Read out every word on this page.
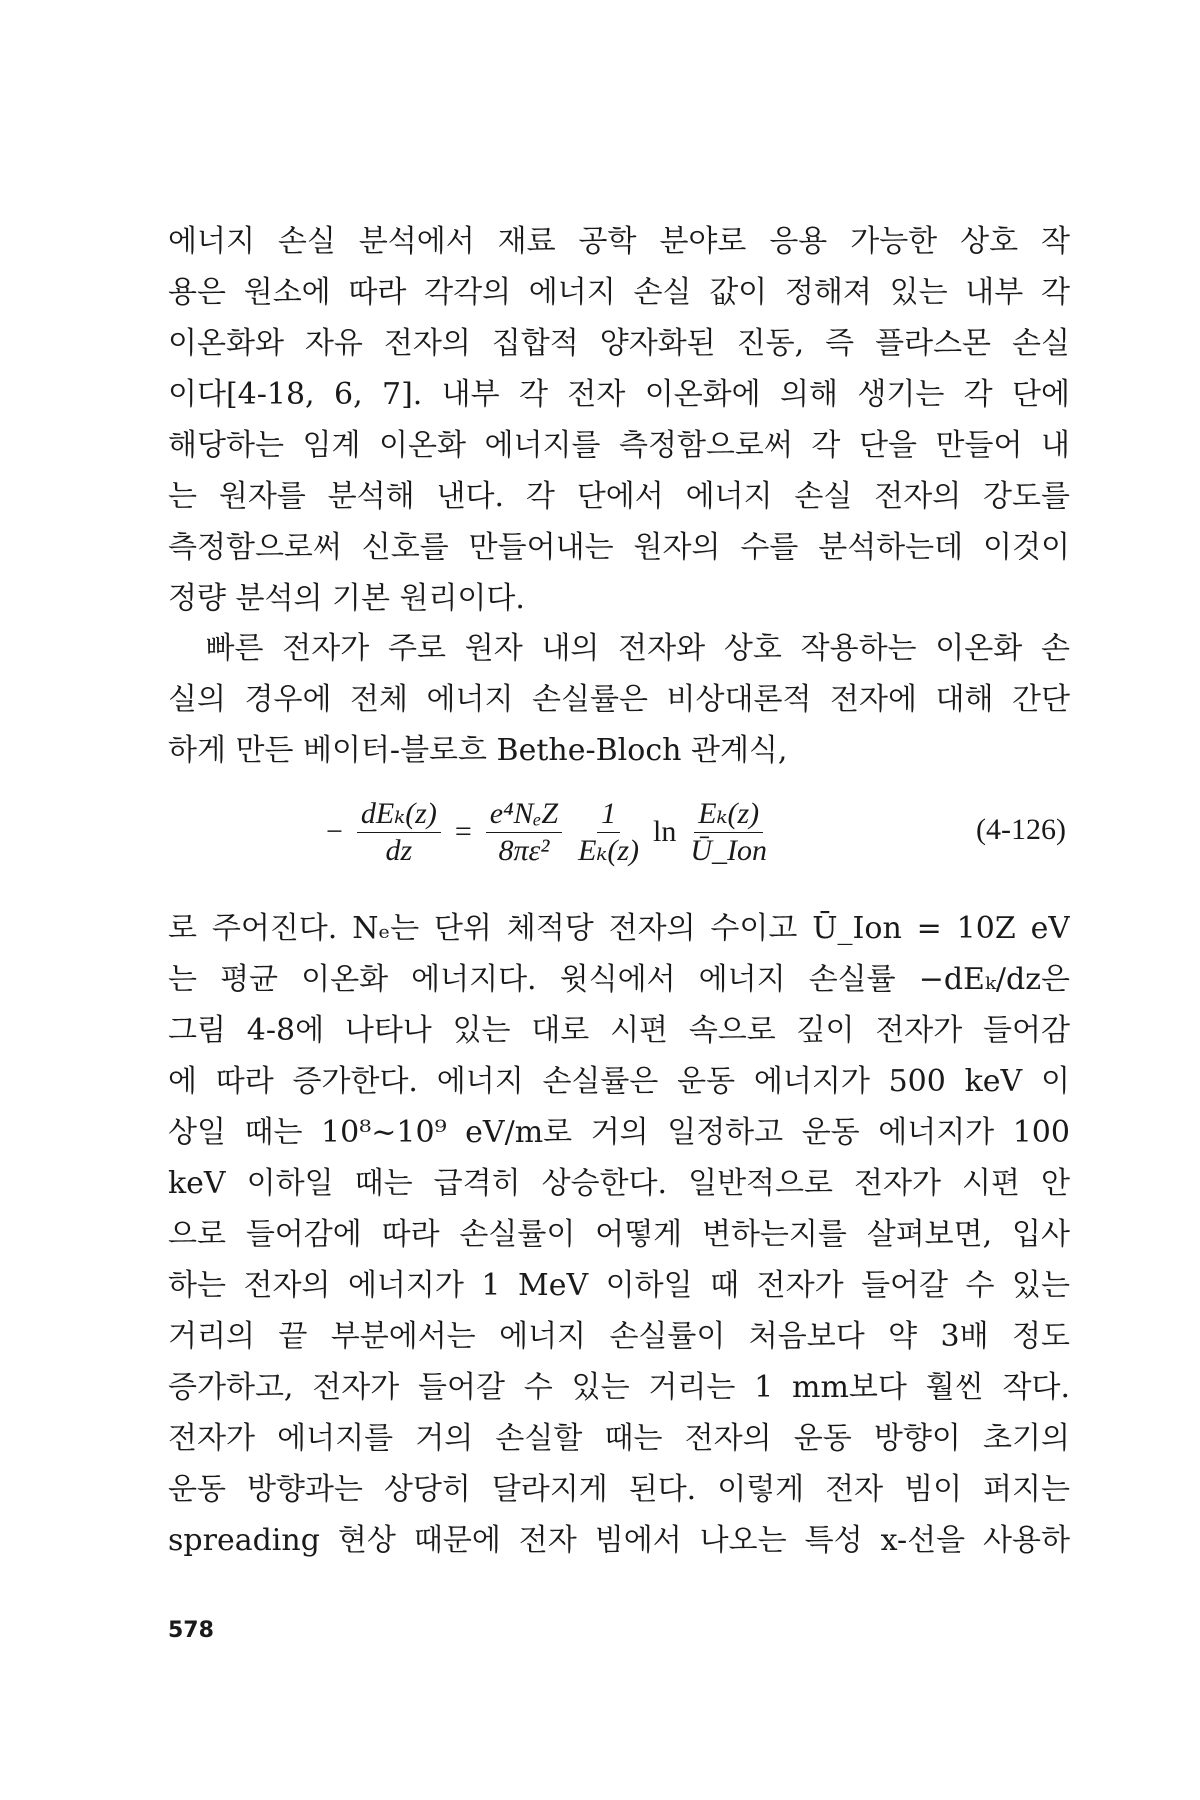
에너지 손실 분석에서 재료 공학 분야로 응용 가능한 상호 작
용은 원소에 따라 각각의 에너지 손실 값이 정해져 있는 내부 각
이온화와 자유 전자의 집합적 양자화된 진동, 즉 플라스몬 손실
이다[4-18, 6, 7]. 내부 각 전자 이온화에 의해 생기는 각 단에
해당하는 임계 이온화 에너지를 측정함으로써 각 단을 만들어 내
는 원자를 분석해 낸다. 각 단에서 에너지 손실 전자의 강도를
측정함으로써 신호를 만들어내는 원자의 수를 분석하는데 이것이
정량 분석의 기본 원리이다.
빠른 전자가 주로 원자 내의 전자와 상호 작용하는 이온화 손
실의 경우에 전체 에너지 손실률은 비상대론적 전자에 대해 간단
하게 만든 베이터-블로흐 Bethe-Bloch 관계식,
− $\frac{\text{dEₖ(z)}}{dz} = \frac{\text{e⁴NₑZ}}{\text{8πε²}} \frac{1}{\text{Eₖ(z)}}$ $\ln \frac{\text{Eₖ(z)}}{\text{Ū\_Ion}}$	(4-126)
로 주어진다. Nₑ는 단위 체적당 전자의 수이고 Ū_Ion = 10Z eV
는 평균 이온화 에너지다. 윗식에서 에너지 손실률 −dEₖ/dz은
그림 4-8에 나타나 있는 대로 시편 속으로 깊이 전자가 들어감
에 따라 증가한다. 에너지 손실률은 운동 에너지가 500 keV 이
상일 때는 10⁸~10⁹ eV/m로 거의 일정하고 운동 에너지가 100
keV 이하일 때는 급격히 상승한다. 일반적으로 전자가 시편 안
으로 들어감에 따라 손실률이 어떻게 변하는지를 살펴보면, 입사
하는 전자의 에너지가 1 MeV 이하일 때 전자가 들어갈 수 있는
거리의 끝 부분에서는 에너지 손실률이 처음보다 약 3배 정도
증가하고, 전자가 들어갈 수 있는 거리는 1 mm보다 훨씬 작다.
전자가 에너지를 거의 손실할 때는 전자의 운동 방향이 초기의
운동 방향과는 상당히 달라지게 된다. 이렇게 전자 빔이 퍼지는
spreading 현상 때문에 전자 빔에서 나오는 특성 x-선을 사용하
578
